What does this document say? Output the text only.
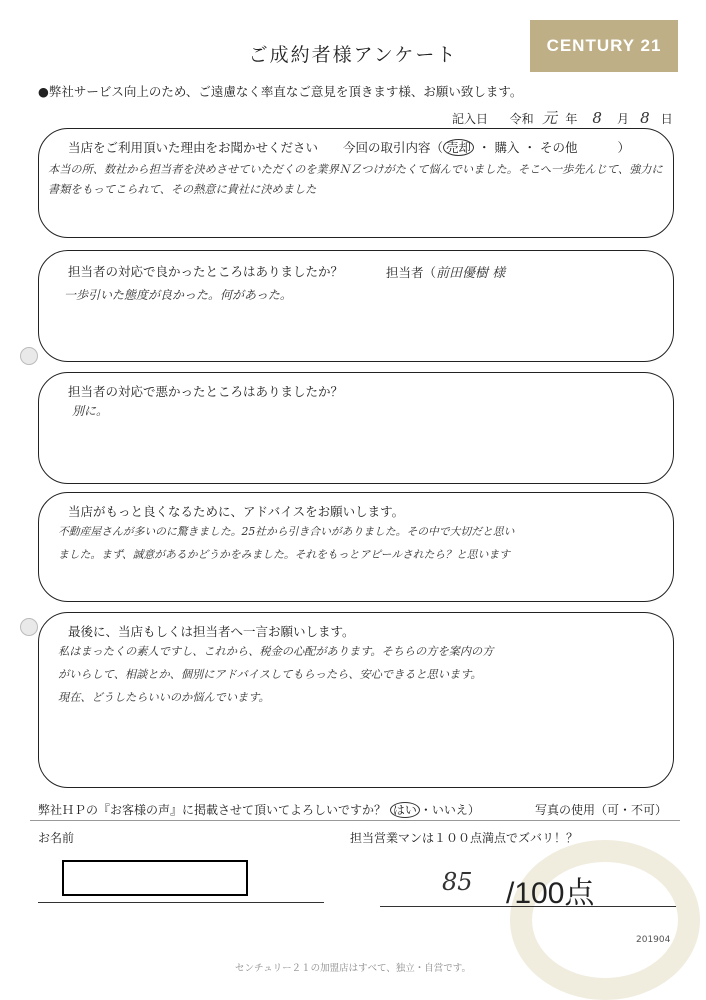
ご成約者様アンケート	CENTURY 21
●弊社サービス向上のため、ご遠慮なく率直なご意見を頂きます様、お願い致します。
記入日 令和 元 年 8 月 8 日
当店をご利用頂いた理由をお聞かせください 今回の取引内容（ 売却 ・ 購入 ・ その他	）
本当の所、数社から担当者を決めさせていただくのを業界ＮＺつけがたくて悩んでいました。そこへ一歩先んじて、強力に書類をもってこられて、その熱意に貴社に決めました
担当者の対応で良かったところはありましたか？	担当者（前田優樹 様
一歩引いた態度が良かった。何があった。
担当者の対応で悪かったところはありましたか？
別に。
当店がもっと良くなるために、アドバイスをお願いします。
不動産屋さんが多いのに驚きました。25社から引き合いがありました。その中で大切だと思い
ました。まず、誠意があるかどうかをみました。それをもっとアピールされたら？と思います
最後に、当店もしくは担当者へ一言お願いします。
私はまったくの素人ですし、これから、税金の心配があります。そちらの方を案内の方
がいらして、相談とか、個別にアドバイスしてもらったら、安心できると思います。
現在、どうしたらいいのか悩んでいます。
弊社ＨＰの『お客様の声』に掲載させて頂いてよろしいですか？ はい ・いいえ）	写真の使用（可・不可）
お名前	担当営業マンは１００点満点でズバリ！？
85 /100点
201904
センチュリー２１の加盟店はすべて、独立・自営です。
